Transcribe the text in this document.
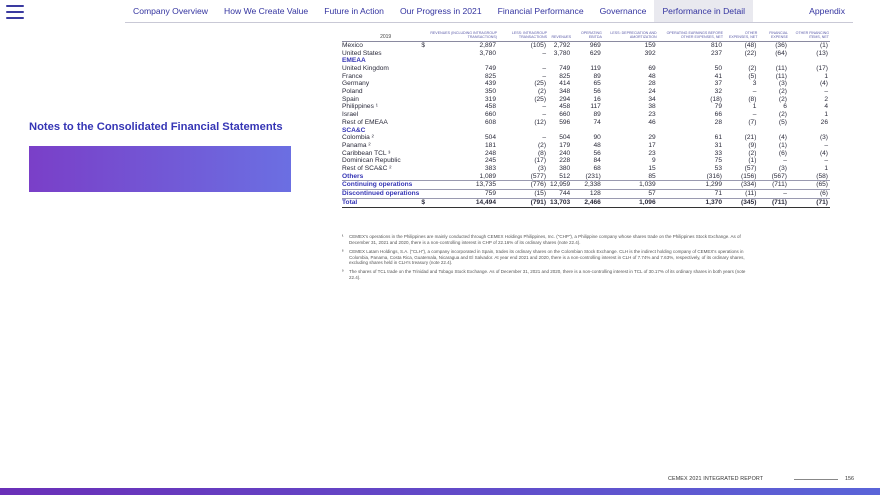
Company Overview	How We Create Value	Future in Action	Our Progress in 2021	Financial Performance	Governance	Performance in Detail	Appendix
Notes to the Consolidated Financial Statements
2019		REVENUES (INCLUDING INTRAGROUP TRANSACTIONS)	LESS: INTRAGROUP TRANSACTIONS	REVENUES	OPERATING EBITDA	LESS: DEPRECIATION AND AMORTIZATION	OPERATING EARNINGS BEFORE OTHER EXPENSES, NET	OTHER EXPENSES, NET	FINANCIAL EXPENSE	OTHER FINANCING ITEMS, NET
Mexico	$	2,897	(105)	2,792	969	159	810	(48)	(36)	(1)
United States		3,780	–	3,780	629	392	237	(22)	(64)	(13)
EMEAA										
United Kingdom		749	–	749	119	69	50	(2)	(11)	(17)
France		825	–	825	89	48	41	(5)	(11)	1
Germany		439	(25)	414	65	28	37	3	(3)	(4)
Poland		350	(2)	348	56	24	32	–	(2)	–
Spain		319	(25)	294	16	34	(18)	(8)	(2)	2
Philippines ¹		458	–	458	117	38	79	1	6	4
Israel		660	–	660	89	23	66	–	(2)	1
Rest of EMEAA		608	(12)	596	74	46	28	(7)	(5)	26
SCA&C										
Colombia ²		504	–	504	90	29	61	(21)	(4)	(3)
Panama ²		181	(2)	179	48	17	31	(9)	(1)	–
Caribbean TCL ³		248	(8)	240	56	23	33	(2)	(6)	(4)
Dominican Republic		245	(17)	228	84	9	75	(1)	–	–
Rest of SCA&C ²		383	(3)	380	68	15	53	(57)	(3)	1
Others		1,089	(577)	512	(231)	85	(316)	(156)	(567)	(58)
Continuing operations		13,735	(776)	12,959	2,338	1,039	1,299	(334)	(711)	(65)
Discontinued operations		759	(15)	744	128	57	71	(11)	–	(6)
Total	$	14,494	(791)	13,703	2,466	1,096	1,370	(345)	(711)	(71)
¹	CEMEX's operations in the Philippines are mainly conducted through CEMEX Holdings Philippines, Inc. ("CHP"), a Philippine company whose shares trade on the Philippines Stock Exchange. As of December 31, 2021 and 2020, there is a non-controlling interest in CHP of 22.16% of its ordinary shares (note 22.4).
²	CEMEX Latam Holdings, S.A. ("CLH"), a company incorporated in Spain, trades its ordinary shares on the Colombian Stock Exchange. CLH is the indirect holding company of CEMEX's operations in Colombia, Panama, Costa Rica, Guatemala, Nicaragua and El Salvador. At year end 2021 and 2020, there is a non-controlling interest in CLH of 7.74% and 7.63%, respectively, of its ordinary shares, excluding shares held in CLH's treasury (note 22.4).
³	The shares of TCL trade on the Trinidad and Tobago Stock Exchange. As of December 31, 2021 and 2020, there is a non-controlling interest in TCL of 30.17% of its ordinary shares in both years (note 22.4).
CEMEX 2021 INTEGRATED REPORT	156
